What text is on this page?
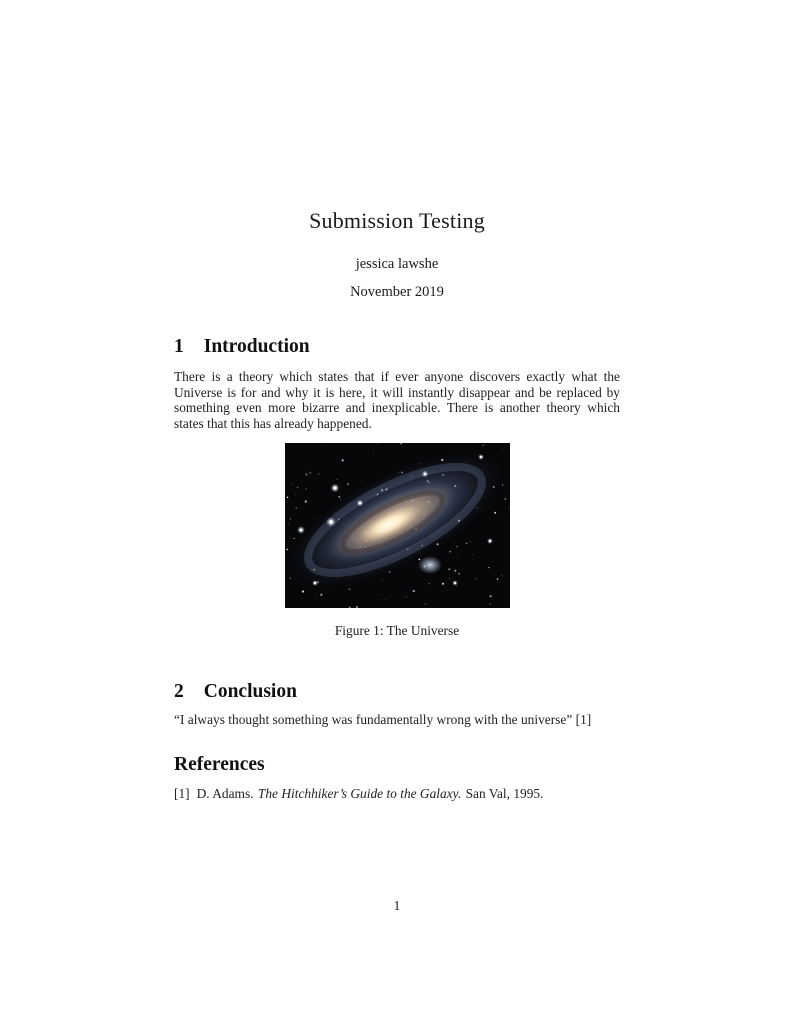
Submission Testing

jessica lawshe

November 2019

1 Introduction

There is a theory which states that if ever anyone discovers exactly what the Universe is for and why it is here, it will instantly disappear and be replaced by something even more bizarre and inexplicable. There is another theory which states that this has already happened.

Figure 1: The Universe
2 Conclusion

“I always thought something was fundamentally wrong with the universe” [1]

References

[1] D. Adams. The Hitchhiker’s Guide to the Galaxy. San Val, 1995.

1
